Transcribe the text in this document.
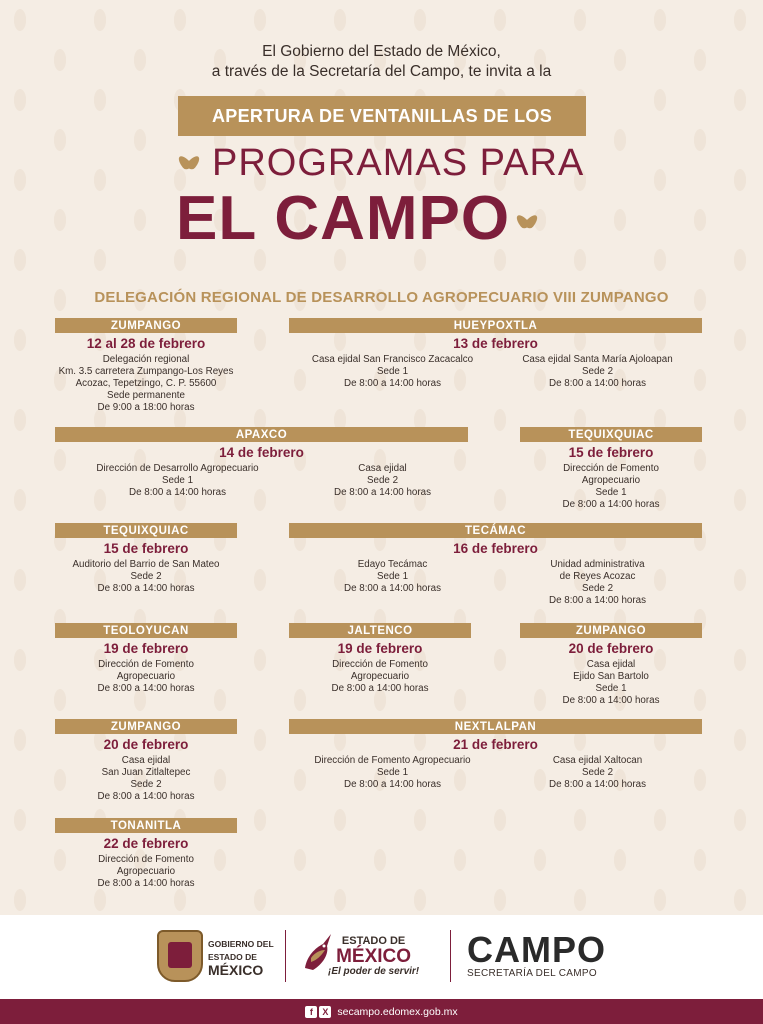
El Gobierno del Estado de México,
a través de la Secretaría del Campo, te invita a la
APERTURA DE VENTANILLAS DE LOS
PROGRAMAS PARA
EL CAMPO
DELEGACIÓN REGIONAL DE DESARROLLO AGROPECUARIO VIII ZUMPANGO
ZUMPANGO
12 al 28 de febrero
Delegación regional
Km. 3.5 carretera Zumpango-Los Reyes
Acozac, Tepetzingo, C. P. 55600
Sede permanente
De 9:00 a 18:00 horas
HUEYPOXTLA
13 de febrero
Casa ejidal San Francisco Zacacalco
Sede 1
De 8:00 a 14:00 horas
Casa ejidal Santa María Ajoloapan
Sede 2
De 8:00 a 14:00 horas
APAXCO
14 de febrero
Dirección de Desarrollo Agropecuario
Sede 1
De 8:00 a 14:00 horas
Casa ejidal
Sede 2
De 8:00 a 14:00 horas
TEQUIXQUIAC
15 de febrero
Dirección de Fomento
Agropecuario
Sede 1
De 8:00 a 14:00 horas
TEQUIXQUIAC
15 de febrero
Auditorio del Barrio de San Mateo
Sede 2
De 8:00 a 14:00 horas
TECÁMAC
16 de febrero
Edayo Tecámac
Sede 1
De 8:00 a 14:00 horas
Unidad administrativa
de Reyes Acozac
Sede 2
De 8:00 a 14:00 horas
TEOLOYUCAN
19 de febrero
Dirección de Fomento
Agropecuario
De 8:00 a 14:00 horas
JALTENCO
19 de febrero
Dirección de Fomento
Agropecuario
De 8:00 a 14:00 horas
ZUMPANGO
20 de febrero
Casa ejidal
Ejido San Bartolo
Sede 1
De 8:00 a 14:00 horas
ZUMPANGO
20 de febrero
Casa ejidal
San Juan Zitlaltepec
Sede 2
De 8:00 a 14:00 horas
NEXTLALPAN
21 de febrero
Dirección de Fomento Agropecuario
Sede 1
De 8:00 a 14:00 horas
Casa ejidal Xaltocan
Sede 2
De 8:00 a 14:00 horas
TONANITLA
22 de febrero
Dirección de Fomento
Agropecuario
De 8:00 a 14:00 horas
GOBIERNO DEL
ESTADO DE
MÉXICO
ESTADO DE
MÉXICO
¡El poder de servir!
CAMPO
SECRETARÍA DEL CAMPO
f	X secampo.edomex.gob.mx
